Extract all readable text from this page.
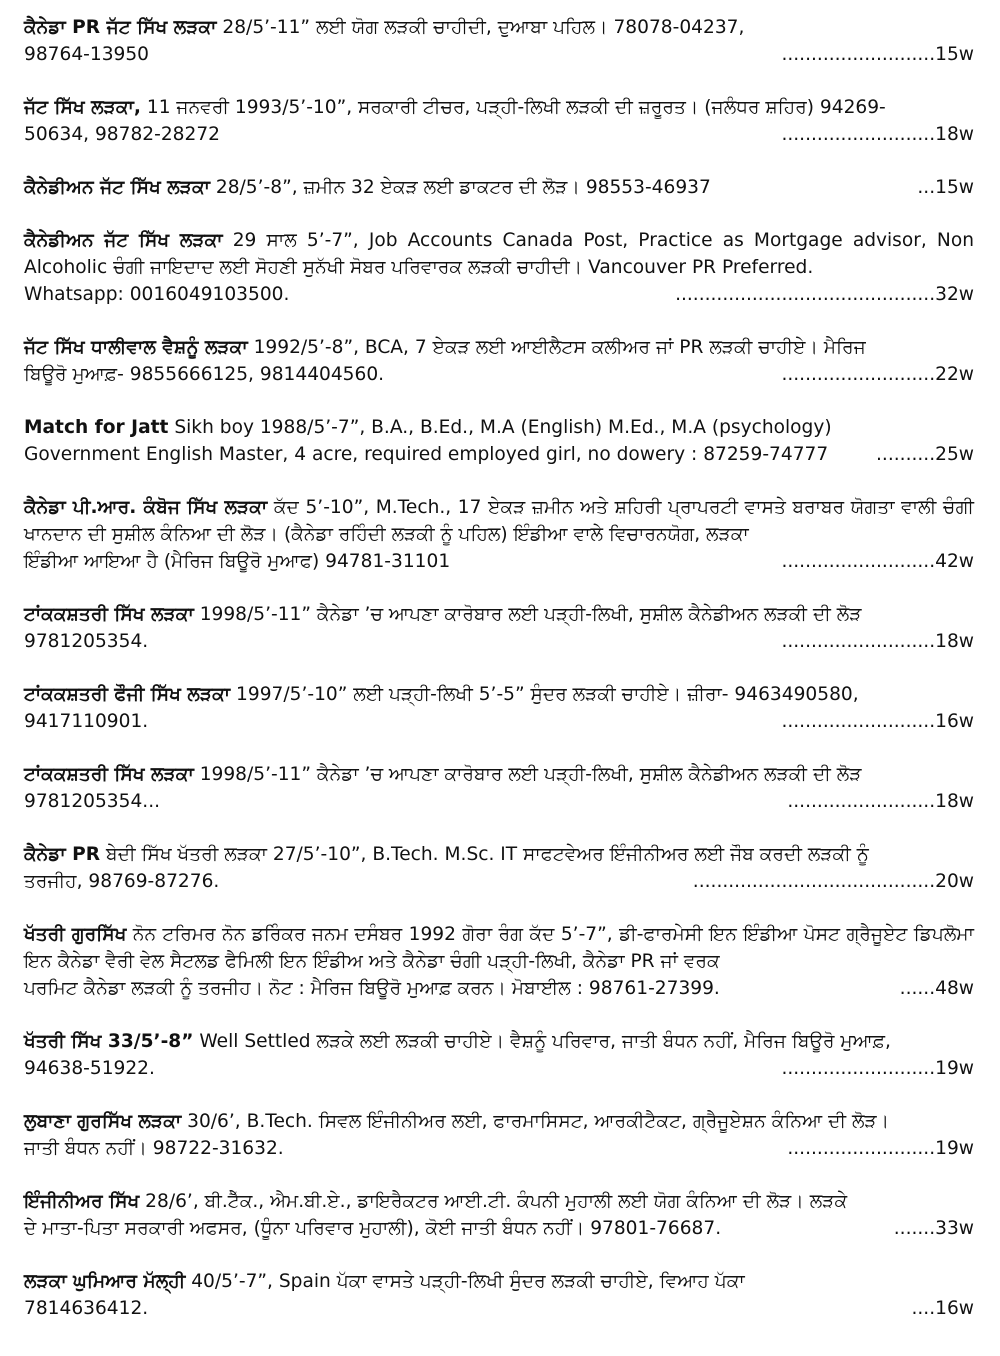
ਕੈਨੇਡਾ PR ਜੱਟ ਸਿੱਖ ਲੜਕਾ 28/5’-11” ਲਈ ਯੋਗ ਲੜਕੀ ਚਾਹੀਦੀ, ਦੁਆਬਾ ਪਹਿਲ। 78078-04237,

98764-13950	..........................15w

ਜੱਟ ਸਿੱਖ ਲੜਕਾ, 11 ਜਨਵਰੀ 1993/5’-10”, ਸਰਕਾਰੀ ਟੀਚਰ, ਪੜ੍ਹੀ-ਲਿਖੀ ਲੜਕੀ ਦੀ ਜ਼ਰੂਰਤ। (ਜਲੰਧਰ ਸ਼ਹਿਰ) 94269-

50634, 98782-28272	..........................18w

ਕੈਨੇਡੀਅਨ ਜੱਟ ਸਿੱਖ ਲੜਕਾ 28/5’-8”, ਜ਼ਮੀਨ 32 ਏਕੜ ਲਈ ਡਾਕਟਰ ਦੀ ਲੋੜ। 98553-46937	...15w

ਕੈਨੇਡੀਅਨ ਜੱਟ ਸਿੱਖ ਲੜਕਾ 29 ਸਾਲ 5’-7”, Job Accounts Canada Post, Practice as Mortgage advisor, Non Alcoholic ਚੰਗੀ ਜਾਇਦਾਦ ਲਈ ਸੋਹਣੀ ਸੁਨੱਖੀ ਸੋਬਰ ਪਰਿਵਾਰਕ ਲੜਕੀ ਚਾਹੀਦੀ। Vancouver PR Preferred.

Whatsapp: 0016049103500.	............................................32w

ਜੱਟ ਸਿੱਖ ਧਾਲੀਵਾਲ ਵੈਸ਼ਨੂੰ ਲੜਕਾ 1992/5’-8”, BCA, 7 ਏਕੜ ਲਈ ਆਈਲੈਟਸ ਕਲੀਅਰ ਜਾਂ PR ਲੜਕੀ ਚਾਹੀਏ। ਮੈਰਿਜ

ਬਿਊਰੋ ਮੁਆਫ਼- 9855666125, 9814404560.	..........................22w

Match for Jatt Sikh boy 1988/5’-7”, B.A., B.Ed., M.A (English) M.Ed., M.A (psychology)

Government English Master, 4 acre, required employed girl, no dowery : 87259-74777	..........25w

ਕੈਨੇਡਾ ਪੀ.ਆਰ. ਕੰਬੋਜ ਸਿੱਖ ਲੜਕਾ ਕੱਦ 5’-10”, M.Tech., 17 ਏਕੜ ਜ਼ਮੀਨ ਅਤੇ ਸ਼ਹਿਰੀ ਪ੍ਰਾਪਰਟੀ ਵਾਸਤੇ ਬਰਾਬਰ ਯੋਗਤਾ ਵਾਲੀ ਚੰਗੀ ਖਾਨਦਾਨ ਦੀ ਸੁਸ਼ੀਲ ਕੰਨਿਆ ਦੀ ਲੋੜ। (ਕੈਨੇਡਾ ਰਹਿੰਦੀ ਲੜਕੀ ਨੂੰ ਪਹਿਲ) ਇੰਡੀਆ ਵਾਲੇ ਵਿਚਾਰਨਯੋਗ, ਲੜਕਾ

ਇੰਡੀਆ ਆਇਆ ਹੈ (ਮੈਰਿਜ ਬਿਊਰੋ ਮੁਆਫ) 94781-31101	..........................42w

ਟਾਂਕਕਸ਼ਤਰੀ ਸਿੱਖ ਲੜਕਾ 1998/5’-11” ਕੈਨੇਡਾ ’ਚ ਆਪਣਾ ਕਾਰੋਬਾਰ ਲਈ ਪੜ੍ਹੀ-ਲਿਖੀ, ਸੁਸ਼ੀਲ ਕੈਨੇਡੀਅਨ ਲੜਕੀ ਦੀ ਲੋੜ

9781205354.	..........................18w

ਟਾਂਕਕਸ਼ਤਰੀ ਫੌਜੀ ਸਿੱਖ ਲੜਕਾ 1997/5’-10” ਲਈ ਪੜ੍ਹੀ-ਲਿਖੀ 5’-5” ਸੁੰਦਰ ਲੜਕੀ ਚਾਹੀਏ। ਜ਼ੀਰਾ- 9463490580,

9417110901.	..........................16w

ਟਾਂਕਕਸ਼ਤਰੀ ਸਿੱਖ ਲੜਕਾ 1998/5’-11” ਕੈਨੇਡਾ ’ਚ ਆਪਣਾ ਕਾਰੋਬਾਰ ਲਈ ਪੜ੍ਹੀ-ਲਿਖੀ, ਸੁਸ਼ੀਲ ਕੈਨੇਡੀਅਨ ਲੜਕੀ ਦੀ ਲੋੜ

9781205354...	.........................18w

ਕੈਨੇਡਾ PR ਬੇਦੀ ਸਿੱਖ ਖੱਤਰੀ ਲੜਕਾ 27/5’-10”, B.Tech. M.Sc. IT ਸਾਫਟਵੇਅਰ ਇੰਜੀਨੀਅਰ ਲਈ ਜੌਬ ਕਰਦੀ ਲੜਕੀ ਨੂੰ

ਤਰਜੀਹ, 98769-87276.	.........................................20w

ਖੱਤਰੀ ਗੁਰਸਿੱਖ ਨੋਨ ਟਰਿਮਰ ਨੋਨ ਡਰਿੰਕਰ ਜਨਮ ਦਸੰਬਰ 1992 ਗੋਰਾ ਰੰਗ ਕੱਦ 5’-7”, ਡੀ-ਫਾਰਮੇਸੀ ਇਨ ਇੰਡੀਆ ਪੋਸਟ ਗ੍ਰੈਜੂਏਟ ਡਿਪਲੋਮਾ ਇਨ ਕੈਨੇਡਾ ਵੈਰੀ ਵੇਲ ਸੈਟਲਡ ਫੈਮਿਲੀ ਇਨ ਇੰਡੀਅ ਅਤੇ ਕੈਨੇਡਾ ਚੰਗੀ ਪੜ੍ਹੀ-ਲਿਖੀ, ਕੈਨੇਡਾ PR ਜਾਂ ਵਰਕ

ਪਰਮਿਟ ਕੈਨੇਡਾ ਲੜਕੀ ਨੂੰ ਤਰਜੀਹ। ਨੋਟ : ਮੈਰਿਜ ਬਿਊਰੋ ਮੁਆਫ਼ ਕਰਨ। ਮੋਬਾਈਲ : 98761-27399.	......48w

ਖੱਤਰੀ ਸਿੱਖ 33/5’-8” Well Settled ਲੜਕੇ ਲਈ ਲੜਕੀ ਚਾਹੀਏ। ਵੈਸ਼ਨੂੰ ਪਰਿਵਾਰ, ਜਾਤੀ ਬੰਧਨ ਨਹੀਂ, ਮੈਰਿਜ ਬਿਊਰੋ ਮੁਆਫ਼,

94638-51922.	..........................19w

ਲੁਬਾਣਾ ਗੁਰਸਿੱਖ ਲੜਕਾ 30/6’, B.Tech. ਸਿਵਲ ਇੰਜੀਨੀਅਰ ਲਈ, ਫਾਰਮਾਸਿਸਟ, ਆਰਕੀਟੈਕਟ, ਗ੍ਰੈਜੂਏਸ਼ਨ ਕੰਨਿਆ ਦੀ ਲੋੜ।

ਜਾਤੀ ਬੰਧਨ ਨਹੀਂ। 98722-31632.	.........................19w

ਇੰਜੀਨੀਅਰ ਸਿੱਖ 28/6’, ਬੀ.ਟੈੱਕ., ਐਮ.ਬੀ.ਏ., ਡਾਇਰੈਕਟਰ ਆਈ.ਟੀ. ਕੰਪਨੀ ਮੁਹਾਲੀ ਲਈ ਯੋਗ ਕੰਨਿਆ ਦੀ ਲੋੜ। ਲੜਕੇ

ਦੇ ਮਾਤਾ-ਪਿਤਾ ਸਰਕਾਰੀ ਅਫਸਰ, (ਧੂੰਨਾ ਪਰਿਵਾਰ ਮੁਹਾਲੀ), ਕੋਈ ਜਾਤੀ ਬੰਧਨ ਨਹੀਂ। 97801-76687.	.......33w

ਲੜਕਾ ਘੁਮਿਆਰ ਮੱਲ੍ਹੀ 40/5’-7”, Spain ਪੱਕਾ ਵਾਸਤੇ ਪੜ੍ਹੀ-ਲਿਖੀ ਸੁੰਦਰ ਲੜਕੀ ਚਾਹੀਏ, ਵਿਆਹ ਪੱਕਾ

7814636412.	....16w
